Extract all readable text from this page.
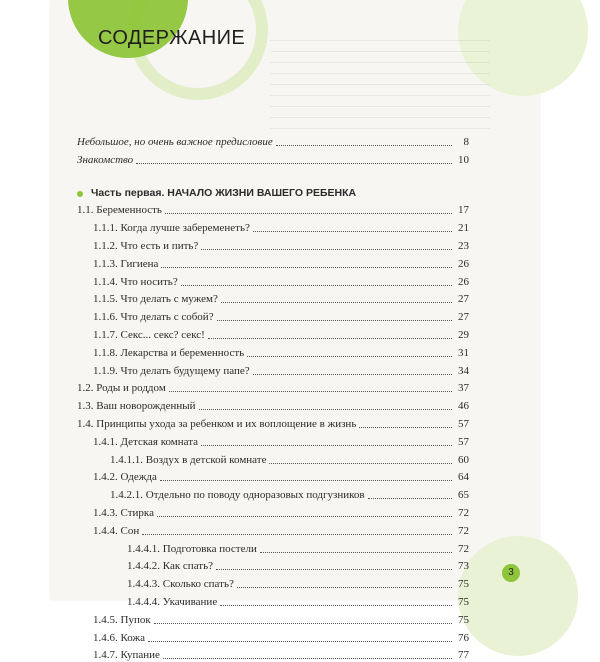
СОДЕРЖАНИЕ
Небольшое, но очень важное предисловие	8
Знакомство	10
Часть первая. НАЧАЛО ЖИЗНИ ВАШЕГО РЕБЕНКА
1.1. Беременность	17
1.1.1. Когда лучше забеременеть?	21
1.1.2. Что есть и пить?	23
1.1.3. Гигиена	26
1.1.4. Что носить?	26
1.1.5. Что делать с мужем?	27
1.1.6. Что делать с собой?	27
1.1.7. Секс... секс? секс!	29
1.1.8. Лекарства и беременность	31
1.1.9. Что делать будущему папе?	34
1.2. Роды и роддом	37
1.3. Ваш новорожденный	46
1.4. Принципы ухода за ребенком и их воплощение в жизнь	57
1.4.1. Детская комната	57
1.4.1.1. Воздух в детской комнате	60
1.4.2. Одежда	64
1.4.2.1. Отдельно по поводу одноразовых подгузников	65
1.4.3. Стирка	72
1.4.4. Сон	72
1.4.4.1. Подготовка постели	72
1.4.4.2. Как спать?	73
1.4.4.3. Сколько спать?	75
1.4.4.4. Укачивание	75
1.4.5. Пупок	75
1.4.6. Кожа	76
1.4.7. Купание	77
3
